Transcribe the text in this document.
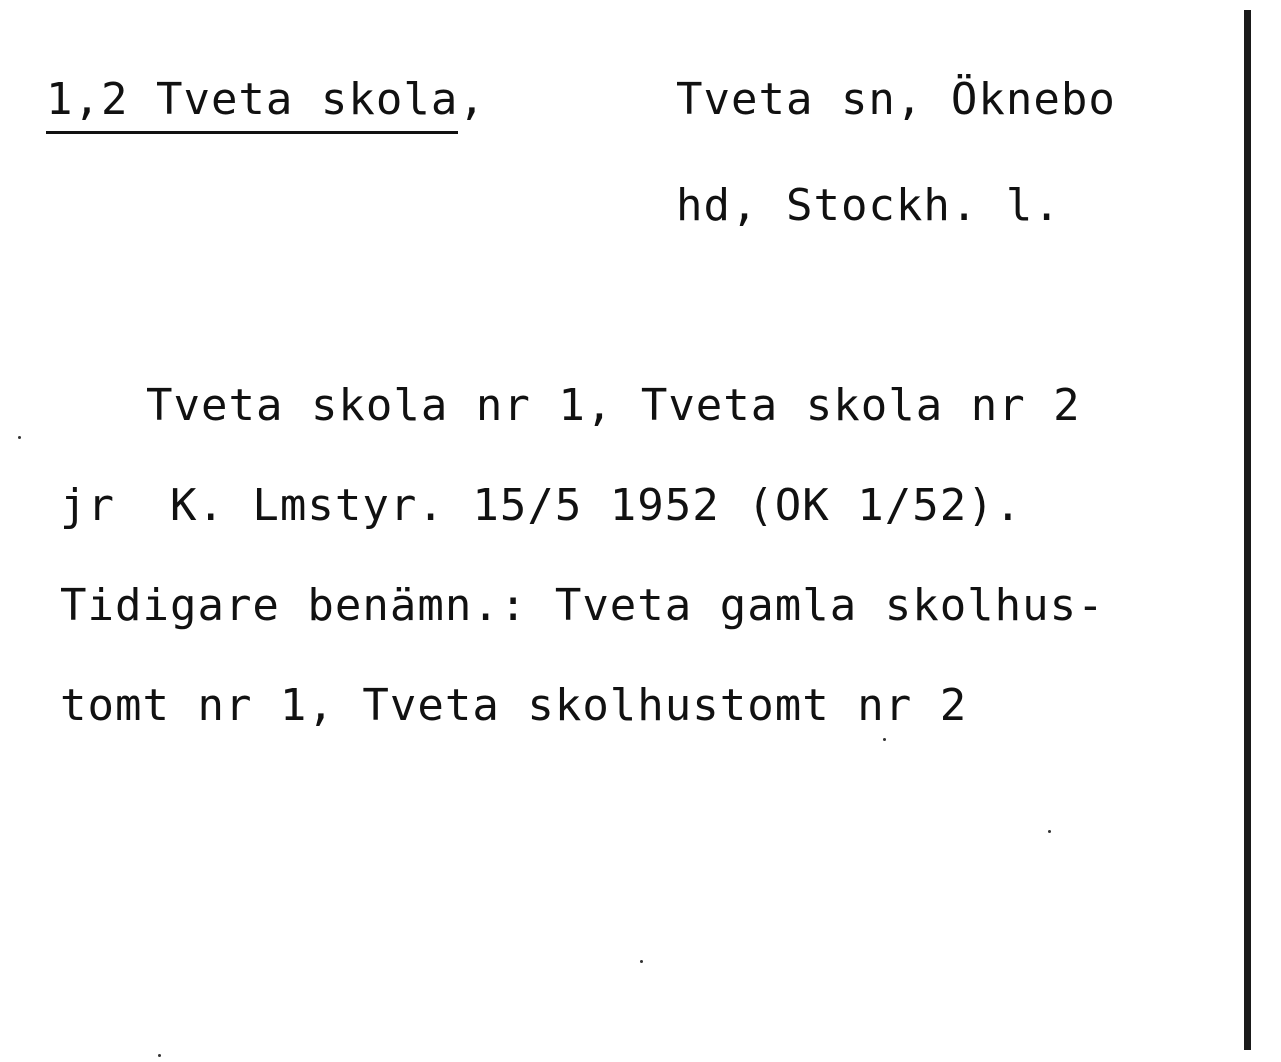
1,2 Tveta skola,	Tveta sn, Öknebo
hd, Stockh. l.
Tveta skola nr 1, Tveta skola nr 2
jr  K. Lmstyr. 15/5 1952 (OK 1/52).
Tidigare benämn.: Tveta gamla skolhus-
tomt nr 1, Tveta skolhustomt nr 2
